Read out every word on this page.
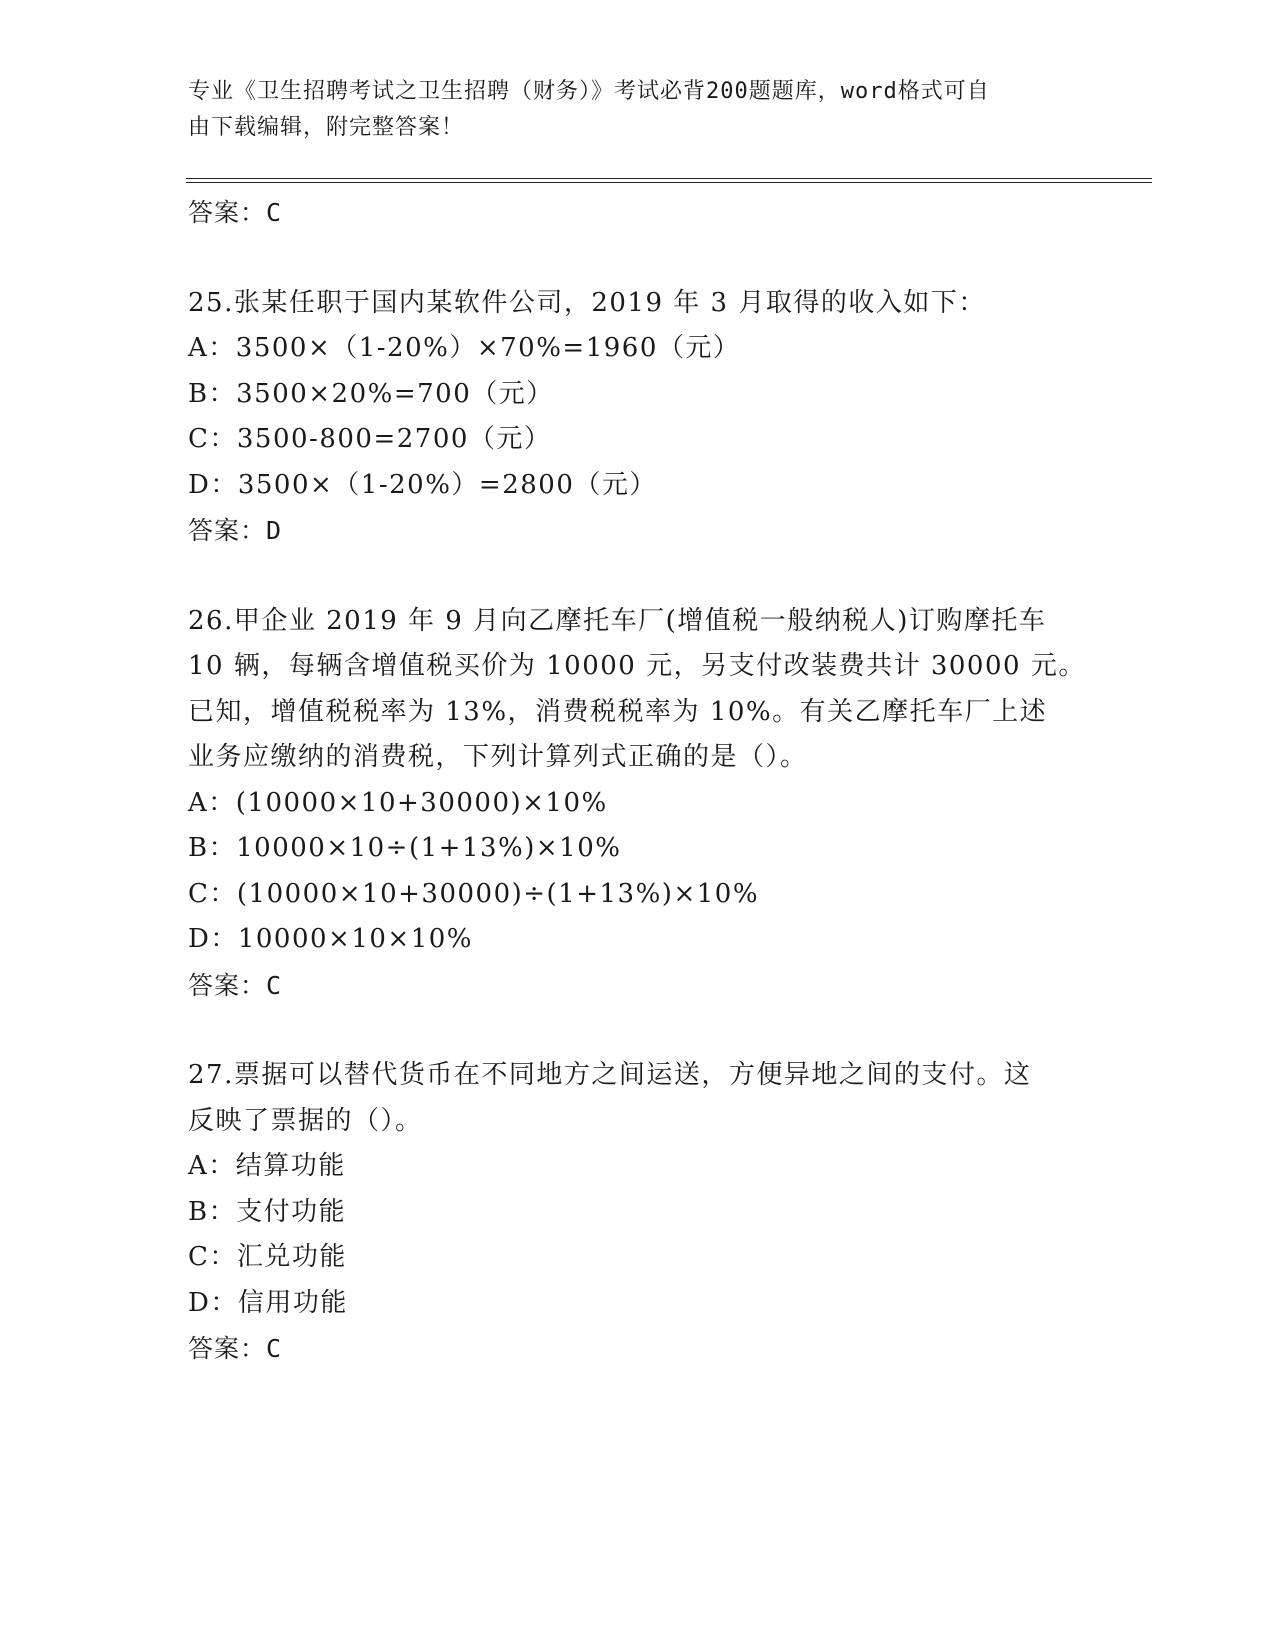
专业《卫生招聘考试之卫生招聘（财务）》考试必背200题题库，word格式可自
由下载编辑，附完整答案！
答案：C
25.张某任职于国内某软件公司，2019 年 3 月取得的收入如下：
A：3500×（1-20%）×70%=1960（元）
B：3500×20%=700（元）
C：3500-800=2700（元）
D：3500×（1-20%）=2800（元）
答案：D
26.甲企业 2019 年 9 月向乙摩托车厂(增值税一般纳税人)订购摩托车
10 辆，每辆含增值税买价为 10000 元，另支付改装费共计 30000 元。
已知，增值税税率为 13%，消费税税率为 10%。有关乙摩托车厂上述
业务应缴纳的消费税，下列计算列式正确的是（）。
A：(10000×10+30000)×10%
B：10000×10÷(1+13%)×10%
C：(10000×10+30000)÷(1+13%)×10%
D：10000×10×10%
答案：C
27.票据可以替代货币在不同地方之间运送，方便异地之间的支付。这
反映了票据的（）。
A：结算功能
B：支付功能
C：汇兑功能
D：信用功能
答案：C
